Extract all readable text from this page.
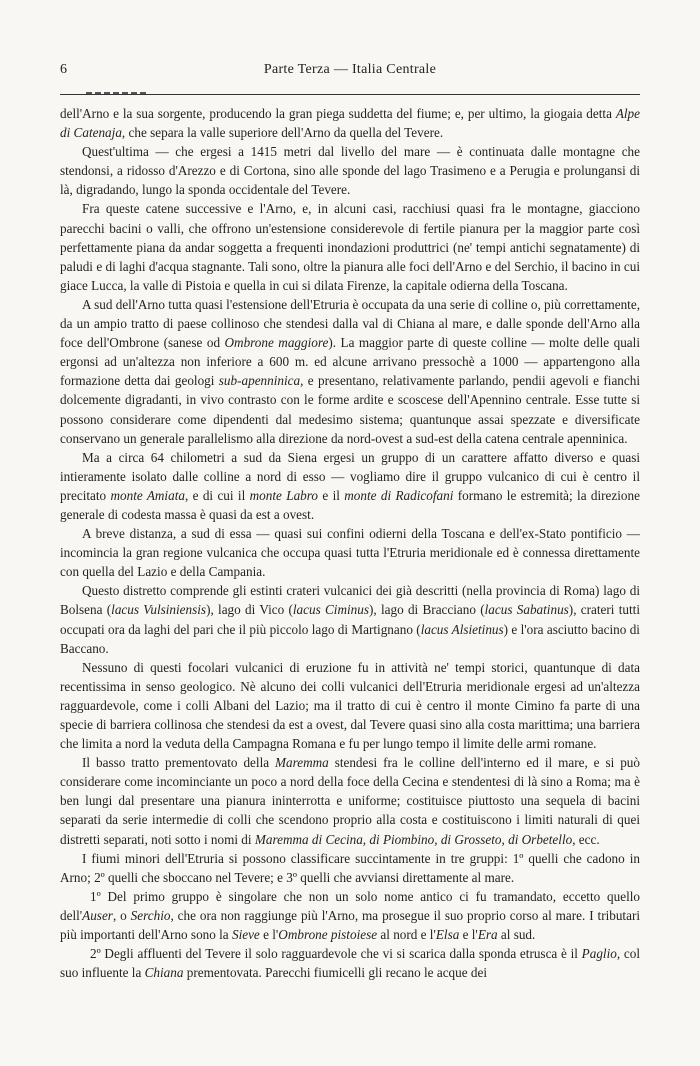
6	Parte Terza — Italia Centrale

dell'Arno e la sua sorgente, producendo la gran piega suddetta del fiume; e, per ultimo, la giogaia detta Alpe di Catenaja, che separa la valle superiore dell'Arno da quella del Tevere.

Quest'ultima — che ergesi a 1415 metri dal livello del mare — è continuata dalle montagne che stendonsi, a ridosso d'Arezzo e di Cortona, sino alle sponde del lago Trasimeno e a Perugia e prolungansi di là, digradando, lungo la sponda occidentale del Tevere.

Fra queste catene successive e l'Arno, e, in alcuni casi, racchiusi quasi fra le montagne, giacciono parecchi bacini o valli, che offrono un'estensione considerevole di fertile pianura per la maggior parte così perfettamente piana da andar soggetta a frequenti inondazioni produttrici (ne' tempi antichi segnatamente) di paludi e di laghi d'acqua stagnante. Tali sono, oltre la pianura alle foci dell'Arno e del Serchio, il bacino in cui giace Lucca, la valle di Pistoia e quella in cui si dilata Firenze, la capitale odierna della Toscana.

A sud dell'Arno tutta quasi l'estensione dell'Etruria è occupata da una serie di colline o, più correttamente, da un ampio tratto di paese collinoso che stendesi dalla val di Chiana al mare, e dalle sponde dell'Arno alla foce dell'Ombrone (sanese od Ombrone maggiore). La maggior parte di queste colline — molte delle quali ergonsi ad un'altezza non inferiore a 600 m. ed alcune arrivano pressochè a 1000 — appartengono alla formazione detta dai geologi sub-apenninica, e presentano, relativamente parlando, pendii agevoli e fianchi dolcemente digradanti, in vivo contrasto con le forme ardite e scoscese dell'Apennino centrale. Esse tutte si possono considerare come dipendenti dal medesimo sistema; quantunque assai spezzate e diversificate conservano un generale parallelismo alla direzione da nord-ovest a sud-est della catena centrale apenninica.

Ma a circa 64 chilometri a sud da Siena ergesi un gruppo di un carattere affatto diverso e quasi intieramente isolato dalle colline a nord di esso — vogliamo dire il gruppo vulcanico di cui è centro il precitato monte Amiata, e di cui il monte Labro e il monte di Radicofani formano le estremità; la direzione generale di codesta massa è quasi da est a ovest.

A breve distanza, a sud di essa — quasi sui confini odierni della Toscana e dell'ex-Stato pontificio — incomincia la gran regione vulcanica che occupa quasi tutta l'Etruria meridionale ed è connessa direttamente con quella del Lazio e della Campania.

Questo distretto comprende gli estinti crateri vulcanici dei già descritti (nella provincia di Roma) lago di Bolsena (lacus Vulsiniensis), lago di Vico (lacus Ciminus), lago di Bracciano (lacus Sabatinus), crateri tutti occupati ora da laghi del pari che il più piccolo lago di Martignano (lacus Alsietinus) e l'ora asciutto bacino di Baccano.

Nessuno di questi focolari vulcanici di eruzione fu in attività ne' tempi storici, quantunque di data recentissima in senso geologico. Nè alcuno dei colli vulcanici dell'Etruria meridionale ergesi ad un'altezza ragguardevole, come i colli Albani del Lazio; ma il tratto di cui è centro il monte Cimino fa parte di una specie di barriera collinosa che stendesi da est a ovest, dal Tevere quasi sino alla costa marittima; una barriera che limita a nord la veduta della Campagna Romana e fu per lungo tempo il limite delle armi romane.

Il basso tratto prementovato della Maremma stendesi fra le colline dell'interno ed il mare, e si può considerare come incominciante un poco a nord della foce della Cecina e stendentesi di là sino a Roma; ma è ben lungi dal presentare una pianura ininterrotta e uniforme; costituisce piuttosto una sequela di bacini separati da serie intermedie di colli che scendono proprio alla costa e costituiscono i limiti naturali di quei distretti separati, noti sotto i nomi di Maremma di Cecina, di Piombino, di Grosseto, di Orbetello, ecc.

I fiumi minori dell'Etruria si possono classificare succintamente in tre gruppi: 1º quelli che cadono in Arno; 2º quelli che sboccano nel Tevere; e 3º quelli che avviansi direttamente al mare.

1º Del primo gruppo è singolare che non un solo nome antico ci fu tramandato, eccetto quello dell'Auser, o Serchio, che ora non raggiunge più l'Arno, ma prosegue il suo proprio corso al mare. I tributari più importanti dell'Arno sono la Sieve e l'Ombrone pistoiese al nord e l'Elsa e l'Era al sud.

2º Degli affluenti del Tevere il solo ragguardevole che vi si scarica dalla sponda etrusca è il Paglio, col suo influente la Chiana prementovata. Parecchi fiumicelli gli recano le acque dei
